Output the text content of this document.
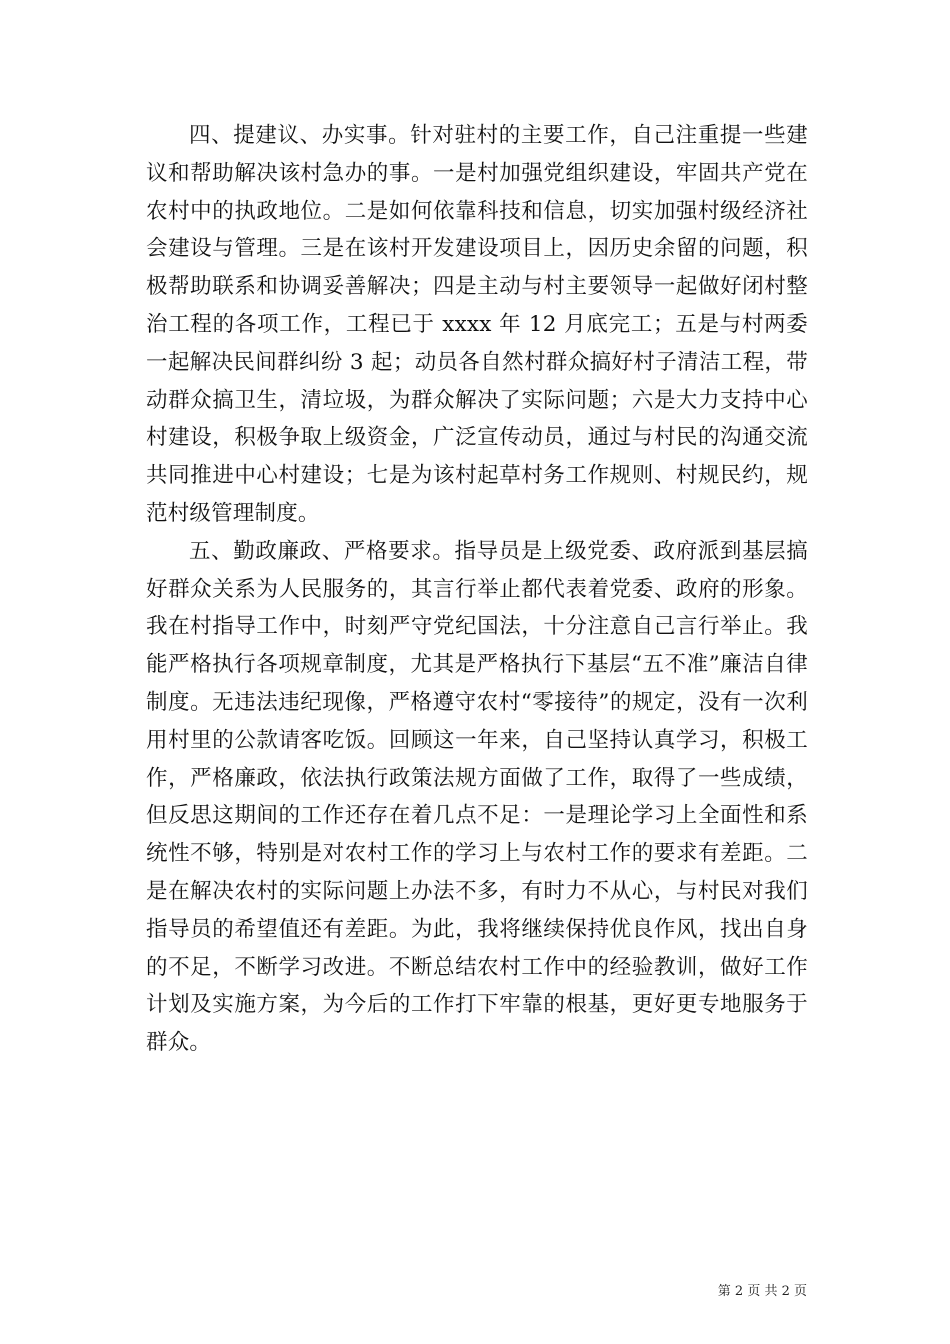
四、提建议、办实事。针对驻村的主要工作，自己注重提一些建议和帮助解决该村急办的事。一是村加强党组织建设，牢固共产党在农村中的执政地位。二是如何依靠科技和信息，切实加强村级经济社会建设与管理。三是在该村开发建设项目上，因历史余留的问题，积极帮助联系和协调妥善解决；四是主动与村主要领导一起做好闭村整治工程的各项工作，工程已于 xxxx 年 12 月底完工；五是与村两委一起解决民间群纠纷 3 起；动员各自然村群众搞好村子清洁工程，带动群众搞卫生，清垃圾，为群众解决了实际问题；六是大力支持中心村建设，积极争取上级资金，广泛宣传动员，通过与村民的沟通交流共同推进中心村建设；七是为该村起草村务工作规则、村规民约，规范村级管理制度。

五、勤政廉政、严格要求。指导员是上级党委、政府派到基层搞好群众关系为人民服务的，其言行举止都代表着党委、政府的形象。我在村指导工作中，时刻严守党纪国法，十分注意自己言行举止。我能严格执行各项规章制度，尤其是严格执行下基层“五不准”廉洁自律制度。无违法违纪现像，严格遵守农村“零接待”的规定，没有一次利用村里的公款请客吃饭。回顾这一年来，自己坚持认真学习，积极工作，严格廉政，依法执行政策法规方面做了工作，取得了一些成绩，但反思这期间的工作还存在着几点不足：一是理论学习上全面性和系统性不够，特别是对农村工作的学习上与农村工作的要求有差距。二是在解决农村的实际问题上办法不多，有时力不从心，与村民对我们指导员的希望值还有差距。为此，我将继续保持优良作风，找出自身的不足，不断学习改进。不断总结农村工作中的经验教训，做好工作计划及实施方案，为今后的工作打下牢靠的根基，更好更专地服务于群众。

第 2 页 共 2 页
